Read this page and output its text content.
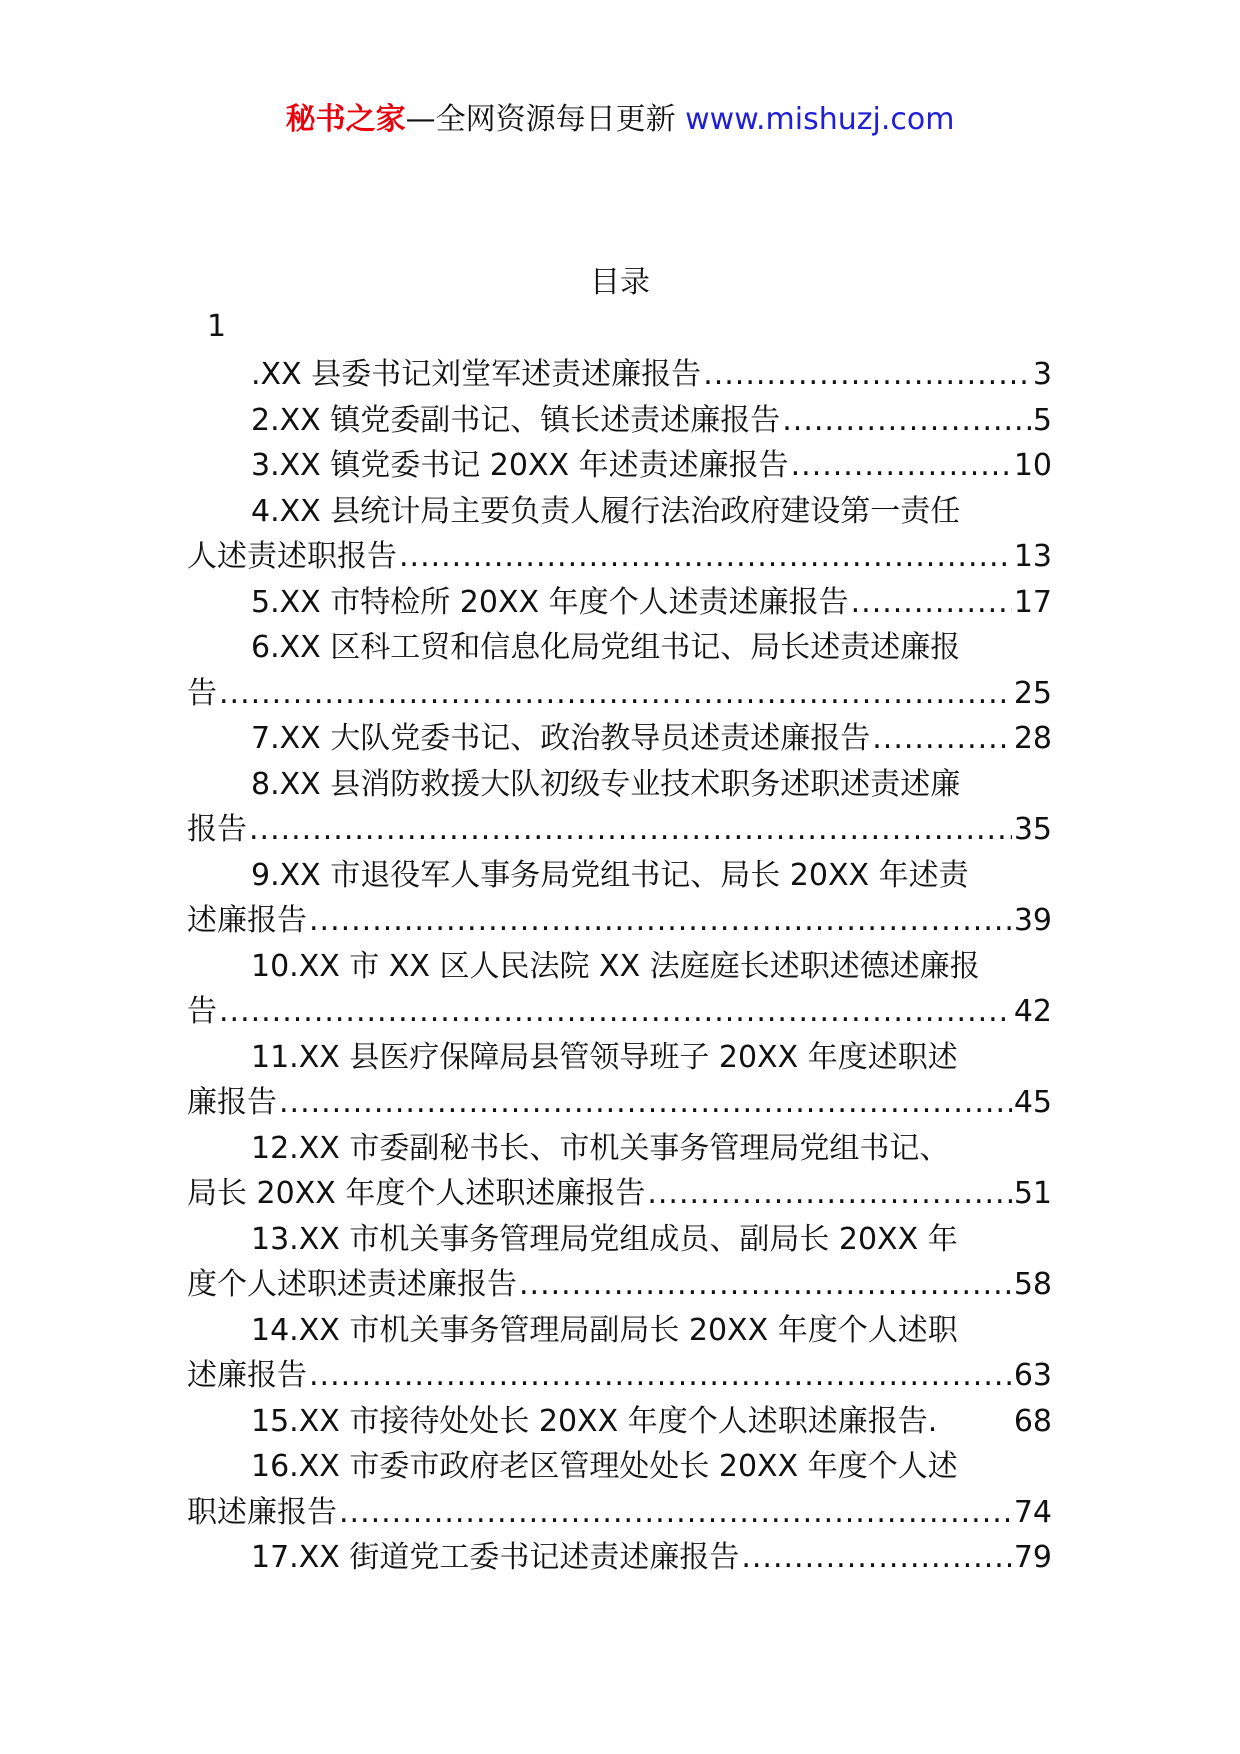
秘书之家—全网资源每日更新 www.mishuzj.com
目录
1
.XX 县委书记刘堂军述责述廉报告 .....	3
2.XX 镇党委副书记、镇长述责述廉报告 .....	5
3.XX 镇党委书记 20XX 年述责述廉报告 .....	10
4.XX 县统计局主要负责人履行法治政府建设第一责任
人述责述职报告 .....	13
5.XX 市特检所 20XX 年度个人述责述廉报告 .....	17
6.XX 区科工贸和信息化局党组书记、局长述责述廉报
告 .....	25
7.XX 大队党委书记、政治教导员述责述廉报告 .....	28
8.XX 县消防救援大队初级专业技术职务述职述责述廉
报告 .....	35
9.XX 市退役军人事务局党组书记、局长 20XX 年述责
述廉报告 .....	39
10.XX 市 XX 区人民法院 XX 法庭庭长述职述德述廉报
告 .....	42
11.XX 县医疗保障局县管领导班子 20XX 年度述职述
廉报告 .....	45
12.XX 市委副秘书长、市机关事务管理局党组书记、
局长 20XX 年度个人述职述廉报告 .....	51
13.XX 市机关事务管理局党组成员、副局长 20XX 年
度个人述职述责述廉报告 .....	58
14.XX 市机关事务管理局副局长 20XX 年度个人述职
述廉报告 .....	63
15.XX 市接待处处长 20XX 年度个人述职述廉报告.	68
16.XX 市委市政府老区管理处处长 20XX 年度个人述
职述廉报告 .....	74
17.XX 街道党工委书记述责述廉报告 .....	79
